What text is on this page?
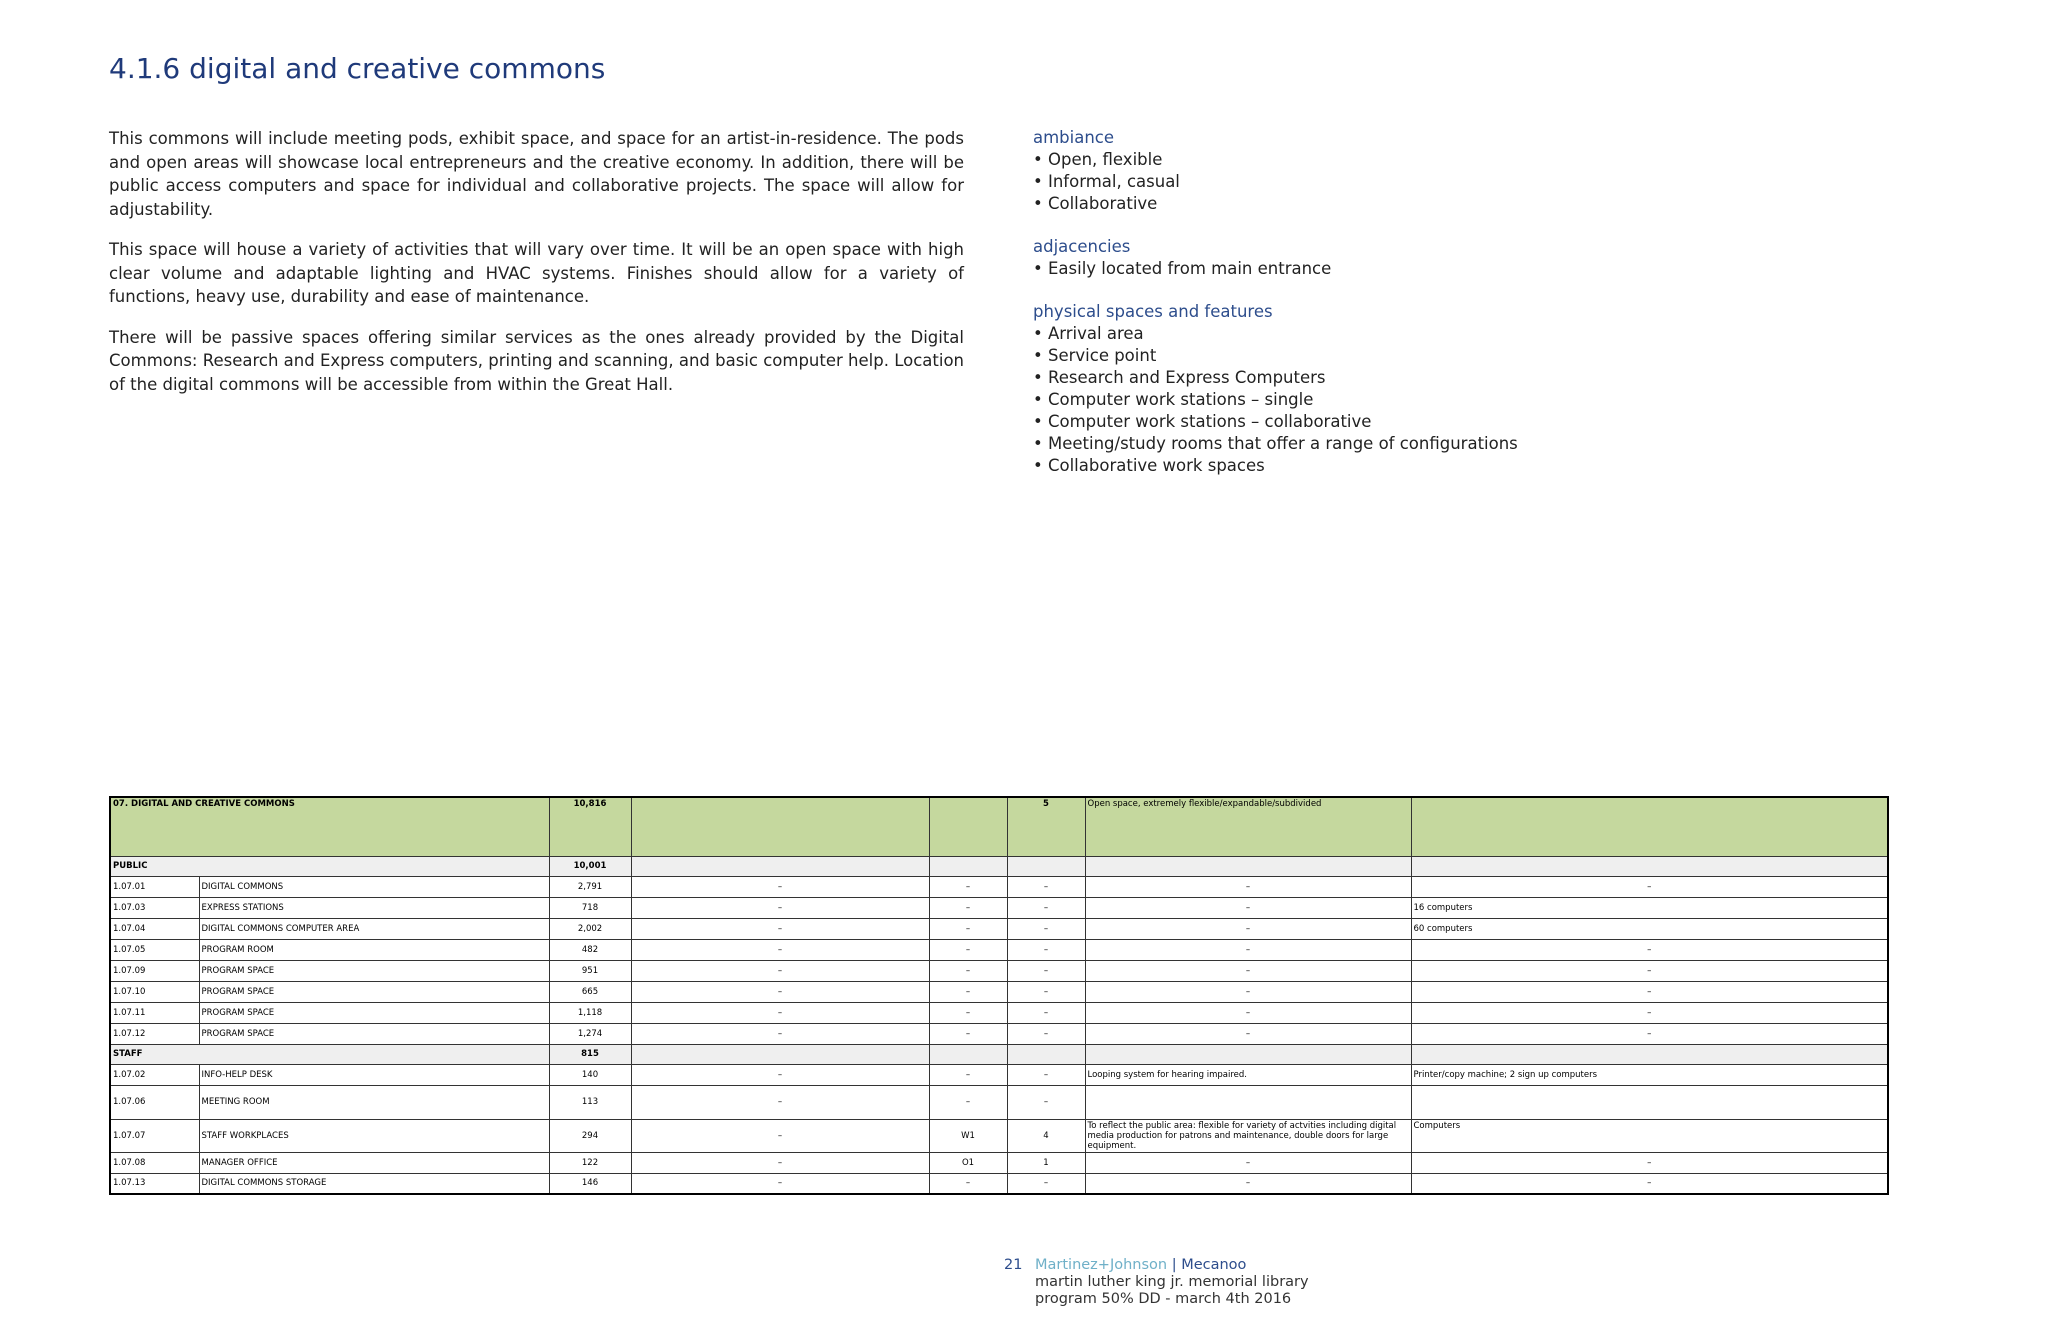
4.1.6 digital and creative commons

This commons will include meeting pods, exhibit space, and space for an artist-in-residence. The pods and open areas will showcase local entrepreneurs and the creative economy. In addition, there will be public access computers and space for individual and collaborative projects. The space will allow for adjustability.

This space will house a variety of activities that will vary over time. It will be an open space with high clear volume and adaptable lighting and HVAC systems. Finishes should allow for a variety of functions, heavy use, durability and ease of maintenance.

There will be passive spaces offering similar services as the ones already provided by the Digital Commons: Research and Express computers, printing and scanning, and basic computer help. Location of the digital commons will be accessible from within the Great Hall.

ambiance
• Open, flexible
• Informal, casual
• Collaborative
adjacencies
• Easily located from main entrance
physical spaces and features
• Arrival area
• Service point
• Research and Express Computers
• Computer work stations – single
• Computer work stations – collaborative
• Meeting/study rooms that offer a range of configurations
• Collaborative work spaces
07. DIGITAL AND CREATIVE COMMONS		10,816			5	Open space, extremely flexible/expandable/subdivided	
PUBLIC		10,001					
1.07.01	DIGITAL COMMONS	2,791	–	–	–	–	–
1.07.03	EXPRESS STATIONS	718	–	–	–	–	16 computers
1.07.04	DIGITAL COMMONS COMPUTER AREA	2,002	–	–	–	–	60 computers
1.07.05	PROGRAM ROOM	482	–	–	–	–	–
1.07.09	PROGRAM SPACE	951	–	–	–	–	–
1.07.10	PROGRAM SPACE	665	–	–	–	–	–
1.07.11	PROGRAM SPACE	1,118	–	–	–	–	–
1.07.12	PROGRAM SPACE	1,274	–	–	–	–	–
STAFF		815					
1.07.02	INFO-HELP DESK	140	–	–	–	Looping system for hearing impaired.	Printer/copy machine; 2 sign up computers
1.07.06	MEETING ROOM	113	–	–	–		
1.07.07	STAFF WORKPLACES	294	–	W1	4	To reflect the public area: flexible for variety of actvities including digital media production for patrons and maintenance, double doors for large equipment.	Computers
1.07.08	MANAGER OFFICE	122	–	O1	1	–	–
1.07.13	DIGITAL COMMONS STORAGE	146	–	–	–	–	–
21 Martinez+Johnson | Mecanoo
martin luther king jr. memorial library
program 50% DD - march 4th 2016
